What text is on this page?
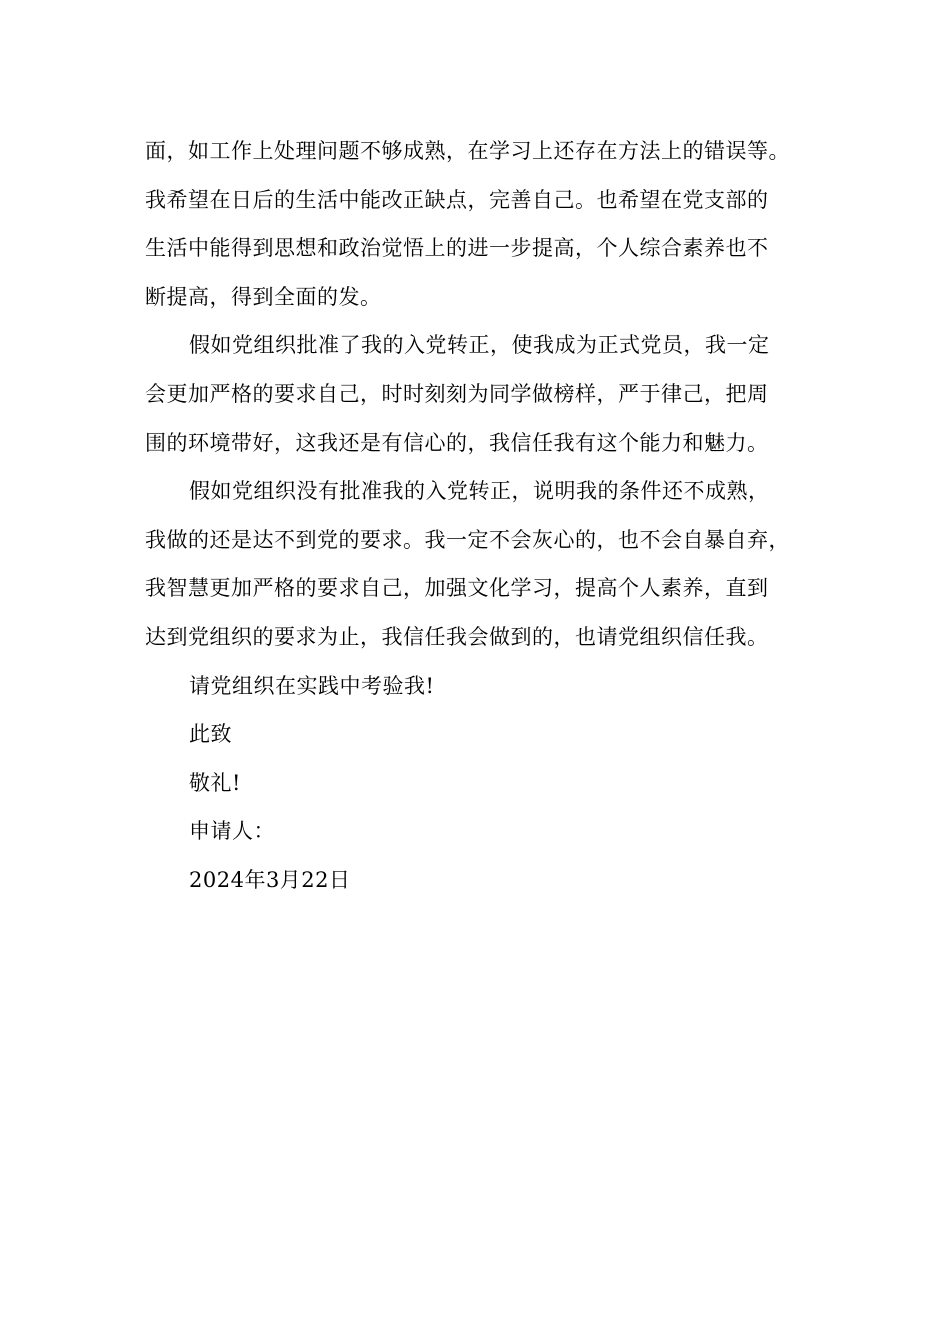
面，如工作上处理问题不够成熟，在学习上还存在方法上的错误等。
我希望在日后的生活中能改正缺点，完善自己。也希望在党支部的
生活中能得到思想和政治觉悟上的进一步提高，个人综合素养也不
断提高，得到全面的发。
假如党组织批准了我的入党转正，使我成为正式党员，我一定
会更加严格的要求自己，时时刻刻为同学做榜样，严于律己，把周
围的环境带好，这我还是有信心的，我信任我有这个能力和魅力。
假如党组织没有批准我的入党转正，说明我的条件还不成熟，
我做的还是达不到党的要求。我一定不会灰心的，也不会自暴自弃，
我智慧更加严格的要求自己，加强文化学习，提高个人素养，直到
达到党组织的要求为止，我信任我会做到的，也请党组织信任我。
请党组织在实践中考验我!
此致
敬礼!
申请人：
2024年3月22日
